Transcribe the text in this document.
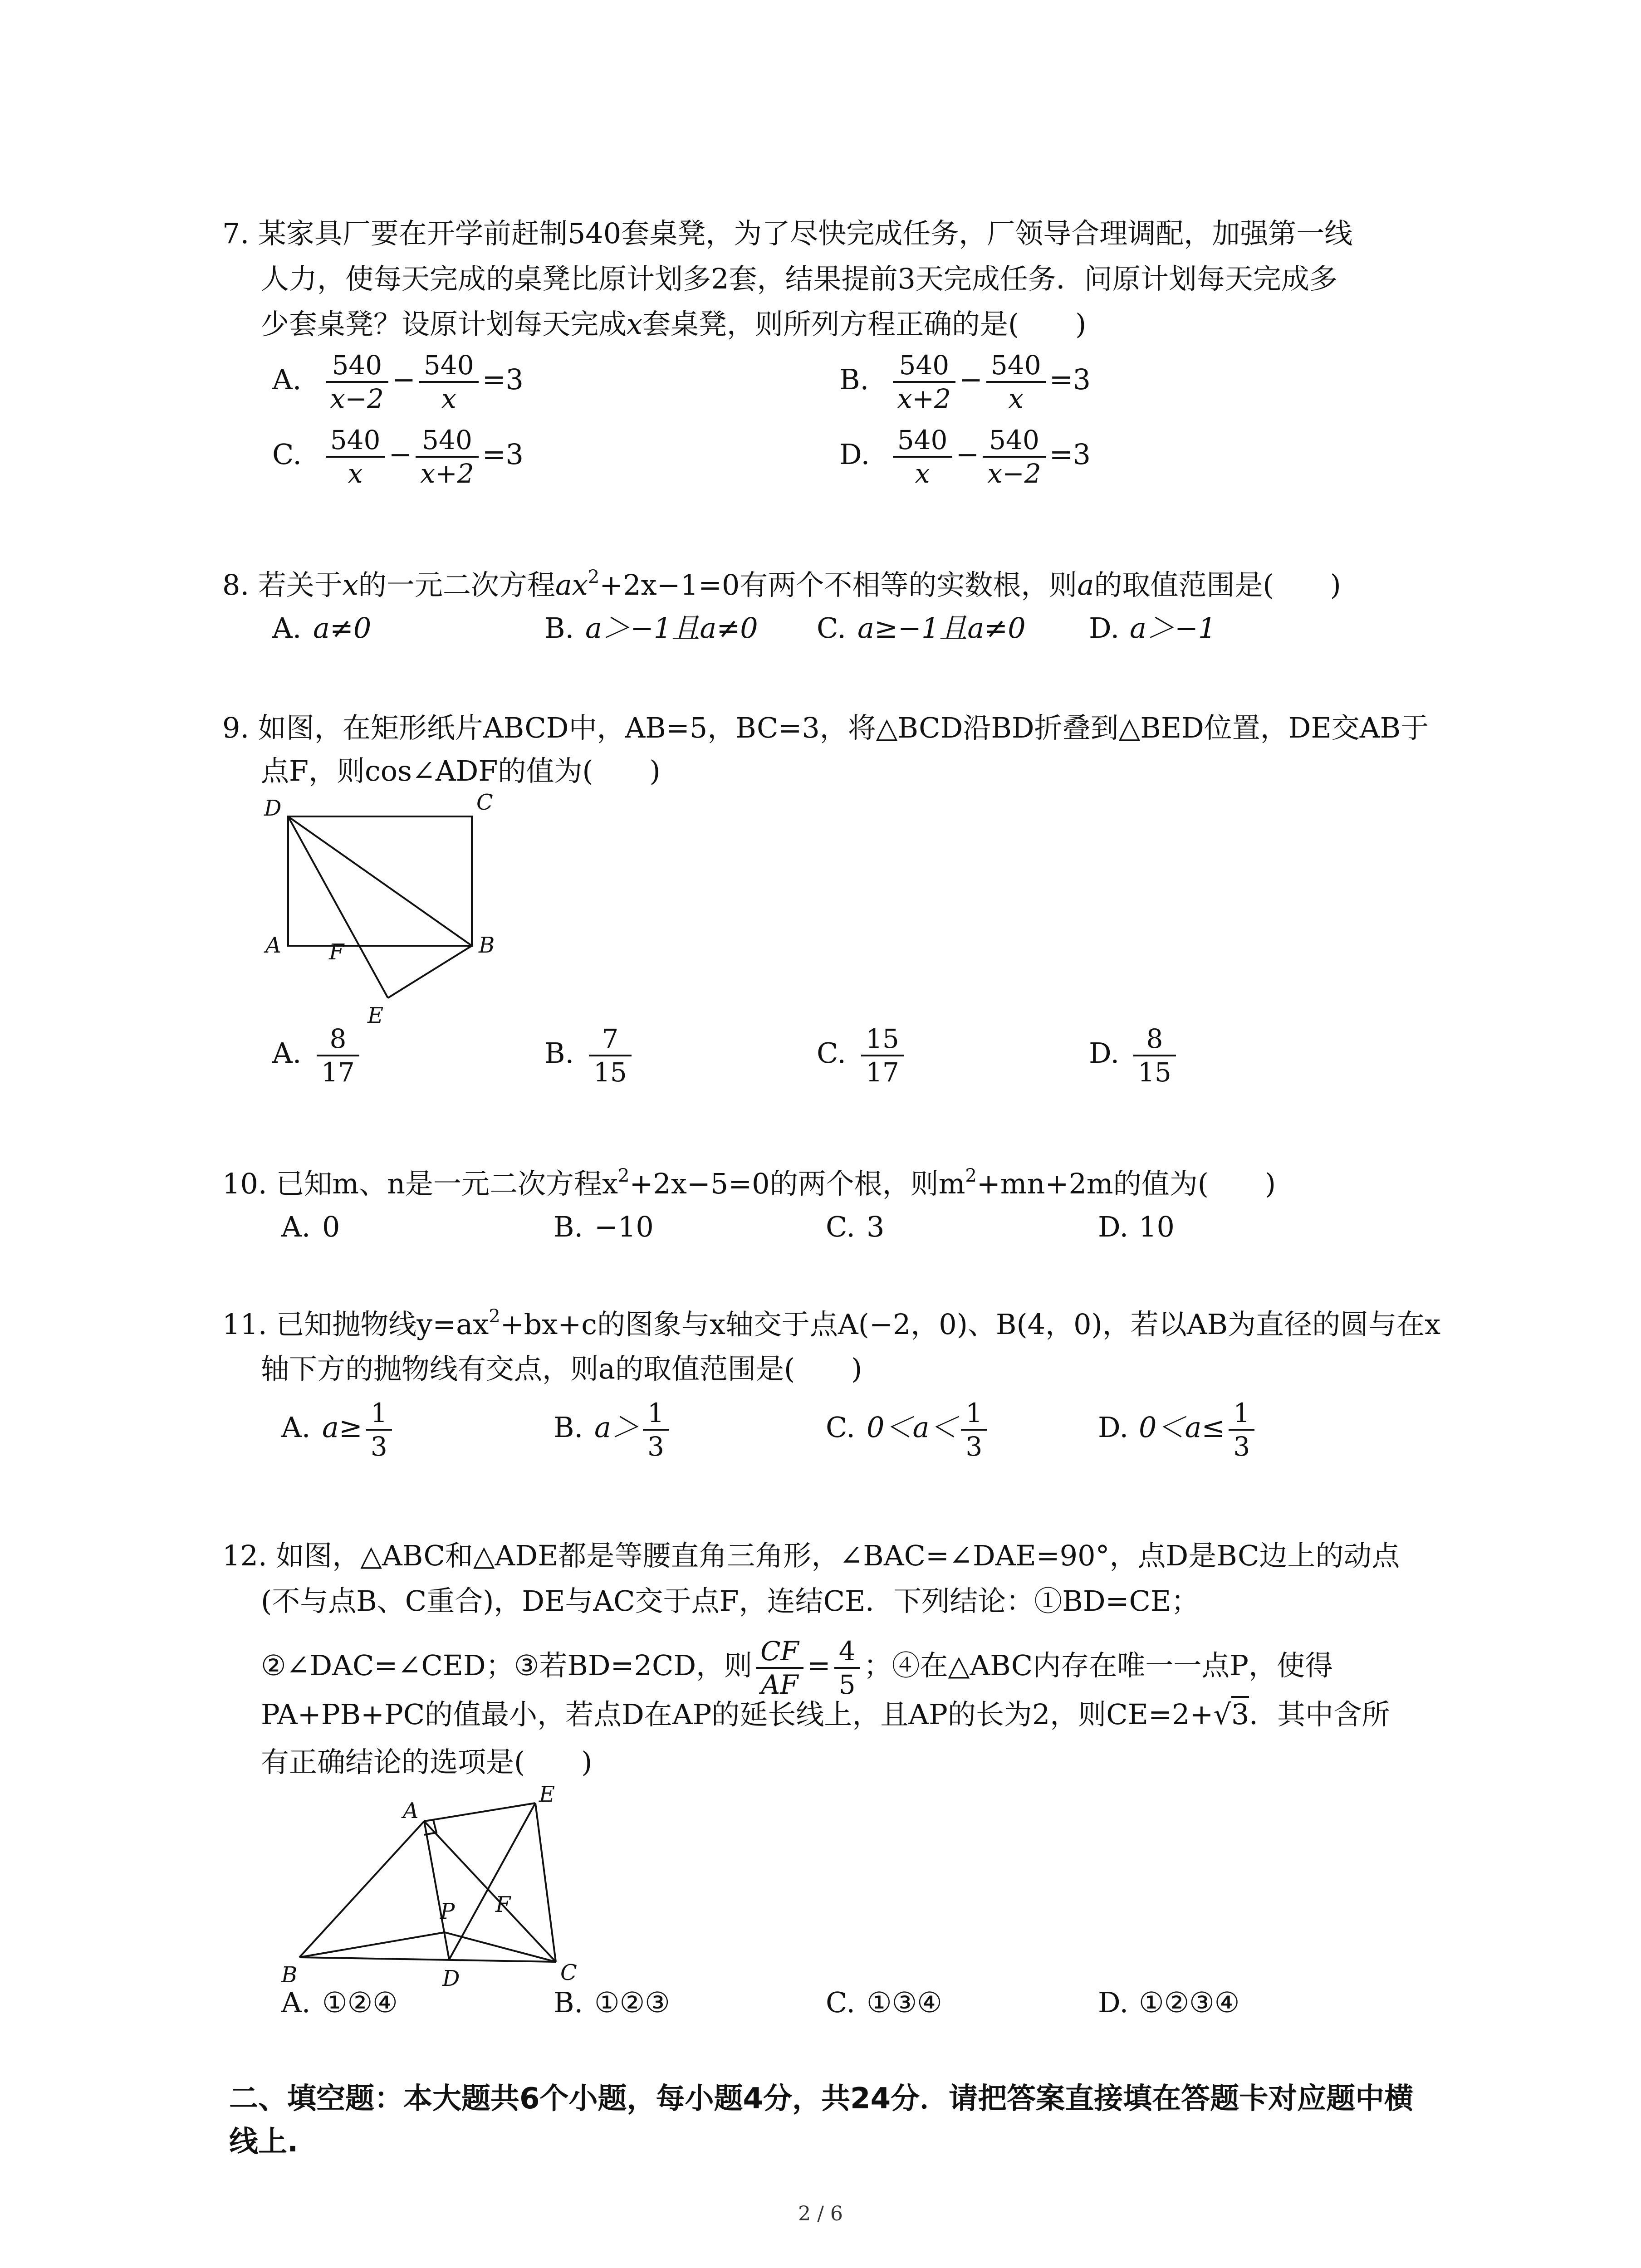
7. 某家具厂要在开学前赶制540套桌凳，为了尽快完成任务，厂领导合理调配，加强第一线
人力，使每天完成的桌凳比原计划多2套，结果提前3天完成任务．问原计划每天完成多
少套桌凳？设原计划每天完成x套桌凳，则所列方程正确的是(　　)
A. $\frac{540}{x-2} - \frac{540}{x} =3$	B. $\frac{540}{x+2} - \frac{540}{x} =3$
C. $\frac{540}{x} - \frac{540}{x+2} =3$	D. $\frac{540}{x} - \frac{540}{x-2} =3$
8. 若关于x的一元二次方程$ax^2+2x-1=0$有两个不相等的实数根，则a的取值范围是(　　)
A. a≠0	B. a＞−1且a≠0 C. a≥−1且a≠0 D. a＞−1
9. 如图，在矩形纸片ABCD中，AB=5，BC=3，将△BCD沿BD折叠到△BED位置，DE交AB于
点F，则cos∠ADF的值为(　　)
D	C
A F	B
E
A. $\frac{8}{17}$	B. $\frac{7}{15}$	C. $\frac{15}{17}$	D. $\frac{8}{15}$
10. 已知m、n是一元二次方程$x^2+2x-5=0$的两个根，则$m^2+mn+2m$的值为(　　)
A. 0	B. −10	C. 3	D. 10
11. 已知抛物线$y=ax^2+bx+c$的图象与x轴交于点A(−2，0)、B(4，0)，若以AB为直径的圆与在x
轴下方的抛物线有交点，则a的取值范围是(　　)
A. $a\ge \frac{1}{3}$	B. $a> \frac{1}{3}$	C. $0<a< \frac{1}{3}$	D. $0<a\le \frac{1}{3}$
12. 如图，△ABC和△ADE都是等腰直角三角形，∠BAC=∠DAE=90°，点D是BC边上的动点
(不与点B、C重合)，DE与AC交于点F，连结CE．下列结论：①BD=CE；
②∠DAC=∠CED；③若BD=2CD，则 $\frac{CF}{AF} = \frac{4}{5}$ ；④在△ABC内存在唯一一点P，使得
PA+PB+PC的值最小，若点D在AP的延长线上，且AP的长为2，则CE=2+√3．其中含所
有正确结论的选项是(　　)
A
E
P F
B	D	C
A. ①②④	B. ①②③	C. ①③④	D. ①②③④
二、填空题：本大题共6个小题，每小题4分，共24分．请把答案直接填在答题卡对应题中横
线上.
2 / 6
